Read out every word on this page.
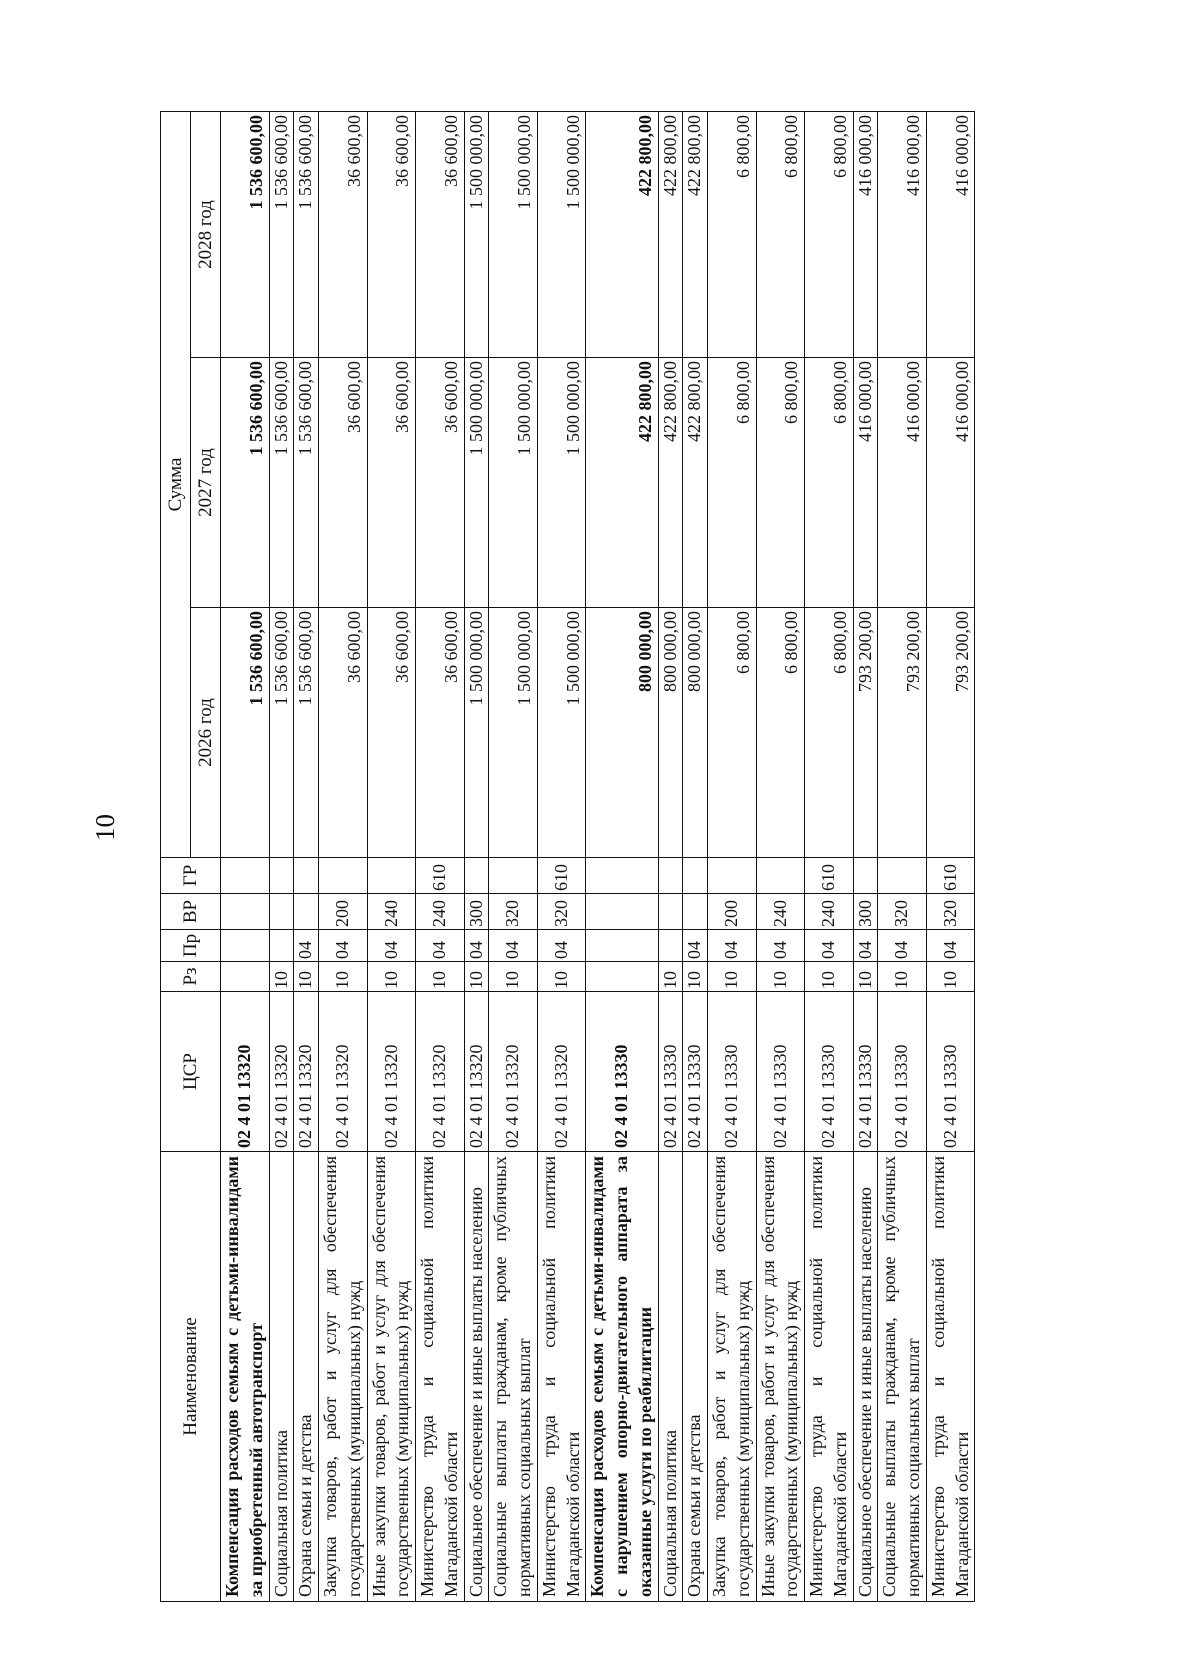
10
Наименование	ЦСР	Рз	Пр	ВР	ГР	Сумма		
						2026 год	2027 год	2028 год
Компенсация расходов семьям с детьми-инвалидами за приобретенный автотранспорт	02 4 01 13320					1 536 600,00	1 536 600,00	1 536 600,00
Социальная политика	02 4 01 13320	10				1 536 600,00	1 536 600,00	1 536 600,00
Охрана семьи и детства	02 4 01 13320	10	04			1 536 600,00	1 536 600,00	1 536 600,00
Закупка товаров, работ и услуг для обеспечения государственных (муниципальных) нужд	02 4 01 13320	10	04	200		36 600,00	36 600,00	36 600,00
Иные закупки товаров, работ и услуг для обеспечения государственных (муниципальных) нужд	02 4 01 13320	10	04	240		36 600,00	36 600,00	36 600,00
Министерство труда и социальной политики Магаданской области	02 4 01 13320	10	04	240	610	36 600,00	36 600,00	36 600,00
Социальное обеспечение и иные выплаты населению	02 4 01 13320	10	04	300		1 500 000,00	1 500 000,00	1 500 000,00
Социальные выплаты гражданам, кроме публичных нормативных социальных выплат	02 4 01 13320	10	04	320		1 500 000,00	1 500 000,00	1 500 000,00
Министерство труда и социальной политики Магаданской области	02 4 01 13320	10	04	320	610	1 500 000,00	1 500 000,00	1 500 000,00
Компенсация расходов семьям с детьми-инвалидами с нарушением опорно-двигательного аппарата за оказанные услуги по реабилитации	02 4 01 13330					800 000,00	422 800,00	422 800,00
Социальная политика	02 4 01 13330	10				800 000,00	422 800,00	422 800,00
Охрана семьи и детства	02 4 01 13330	10	04			800 000,00	422 800,00	422 800,00
Закупка товаров, работ и услуг для обеспечения государственных (муниципальных) нужд	02 4 01 13330	10	04	200		6 800,00	6 800,00	6 800,00
Иные закупки товаров, работ и услуг для обеспечения государственных (муниципальных) нужд	02 4 01 13330	10	04	240		6 800,00	6 800,00	6 800,00
Министерство труда и социальной политики Магаданской области	02 4 01 13330	10	04	240	610	6 800,00	6 800,00	6 800,00
Социальное обеспечение и иные выплаты населению	02 4 01 13330	10	04	300		793 200,00	416 000,00	416 000,00
Социальные выплаты гражданам, кроме публичных нормативных социальных выплат	02 4 01 13330	10	04	320		793 200,00	416 000,00	416 000,00
Министерство труда и социальной политики Магаданской области	02 4 01 13330	10	04	320	610	793 200,00	416 000,00	416 000,00
